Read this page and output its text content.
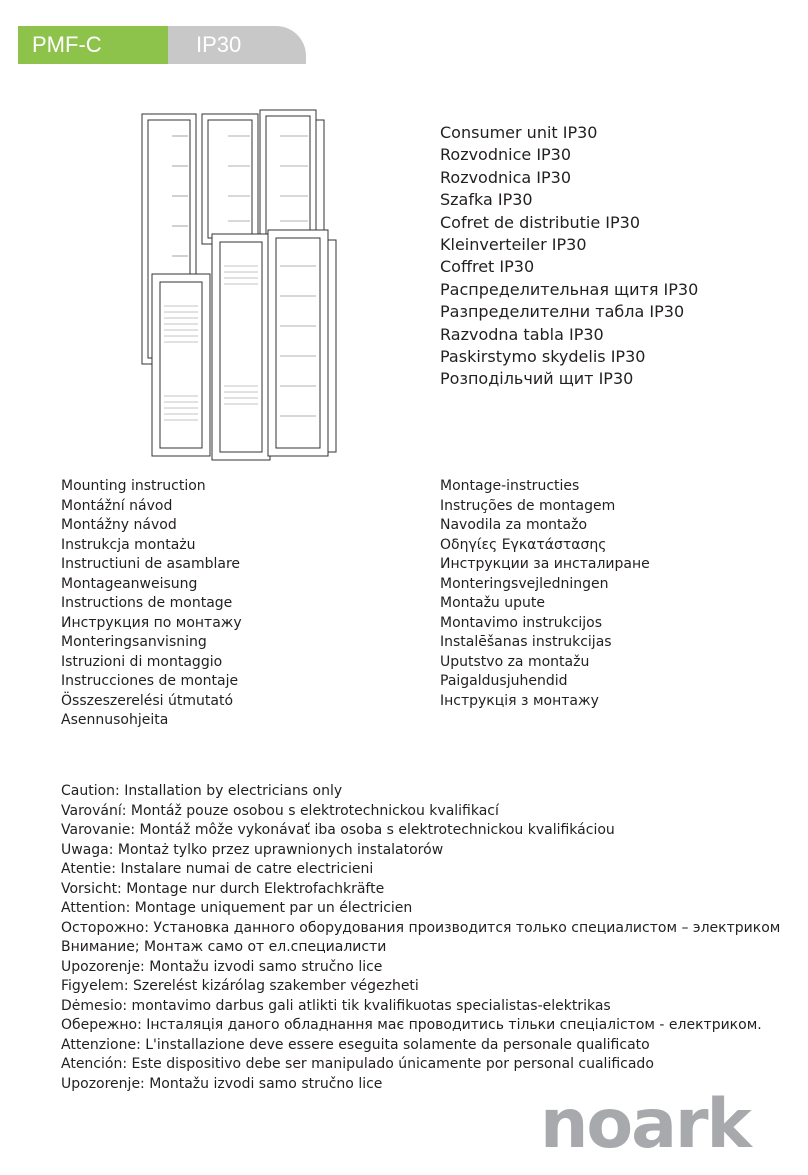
PMF-C	IP30
Consumer unit IP30
Rozvodnice IP30
Rozvodnica IP30
Szafka IP30
Cofret de distributie IP30
Kleinverteiler IP30
Coffret IP30
Распределительная щитя IP30
Разпределителни табла IP30
Razvodna tabla IP30
Paskirstymo skydelis IP30
Розподільчий щит IP30
Mounting instruction
Montážní návod
Montážny návod
Instrukcja montażu
Instructiuni de asamblare
Montageanweisung
Instructions de montage
Инструкция по монтажу
Monteringsanvisning
Istruzioni di montaggio
Instrucciones de montaje
Összeszerelési útmutató
Asennusohjeita
Montage-instructies
Instruções de montagem
Navodila za montažo
Οδηγίες Εγκατάστασης
Инструкции за инсталиране
Monteringsvejledningen
Montažu upute
Montavimo instrukcijos
Instalēšanas instrukcijas
Uputstvo za montažu
Paigaldusjuhendid
Інструкція з монтажу
Caution: Installation by electricians only
Varování: Montáž pouze osobou s elektrotechnickou kvalifikací
Varovanie: Montáž môže vykonávať iba osoba s elektrotechnickou kvalifikáciou
Uwaga: Montaż tylko przez uprawnionych instalatorów
Atentie: Instalare numai de catre electricieni
Vorsicht: Montage nur durch Elektrofachkräfte
Attention: Montage uniquement par un électricien
Осторожно: Установка данного оборудования производится только специалистом – электриком
Внимание; Монтаж само от ел.специалисти
Upozorenje: Montažu izvodi samo stručno lice
Figyelem: Szerelést kizárólag szakember végezheti
Dėmesio: montavimo darbus gali atlikti tik kvalifikuotas specialistas-elektrikas
Обережно: Інсталяція даного обладнання має проводитись тільки спеціалістом - електриком.
Attenzione: L'installazione deve essere eseguita solamente da personale qualificato
Atención: Este dispositivo debe ser manipulado únicamente por personal cualificado
Upozorenje: Montažu izvodi samo stručno lice
noark
